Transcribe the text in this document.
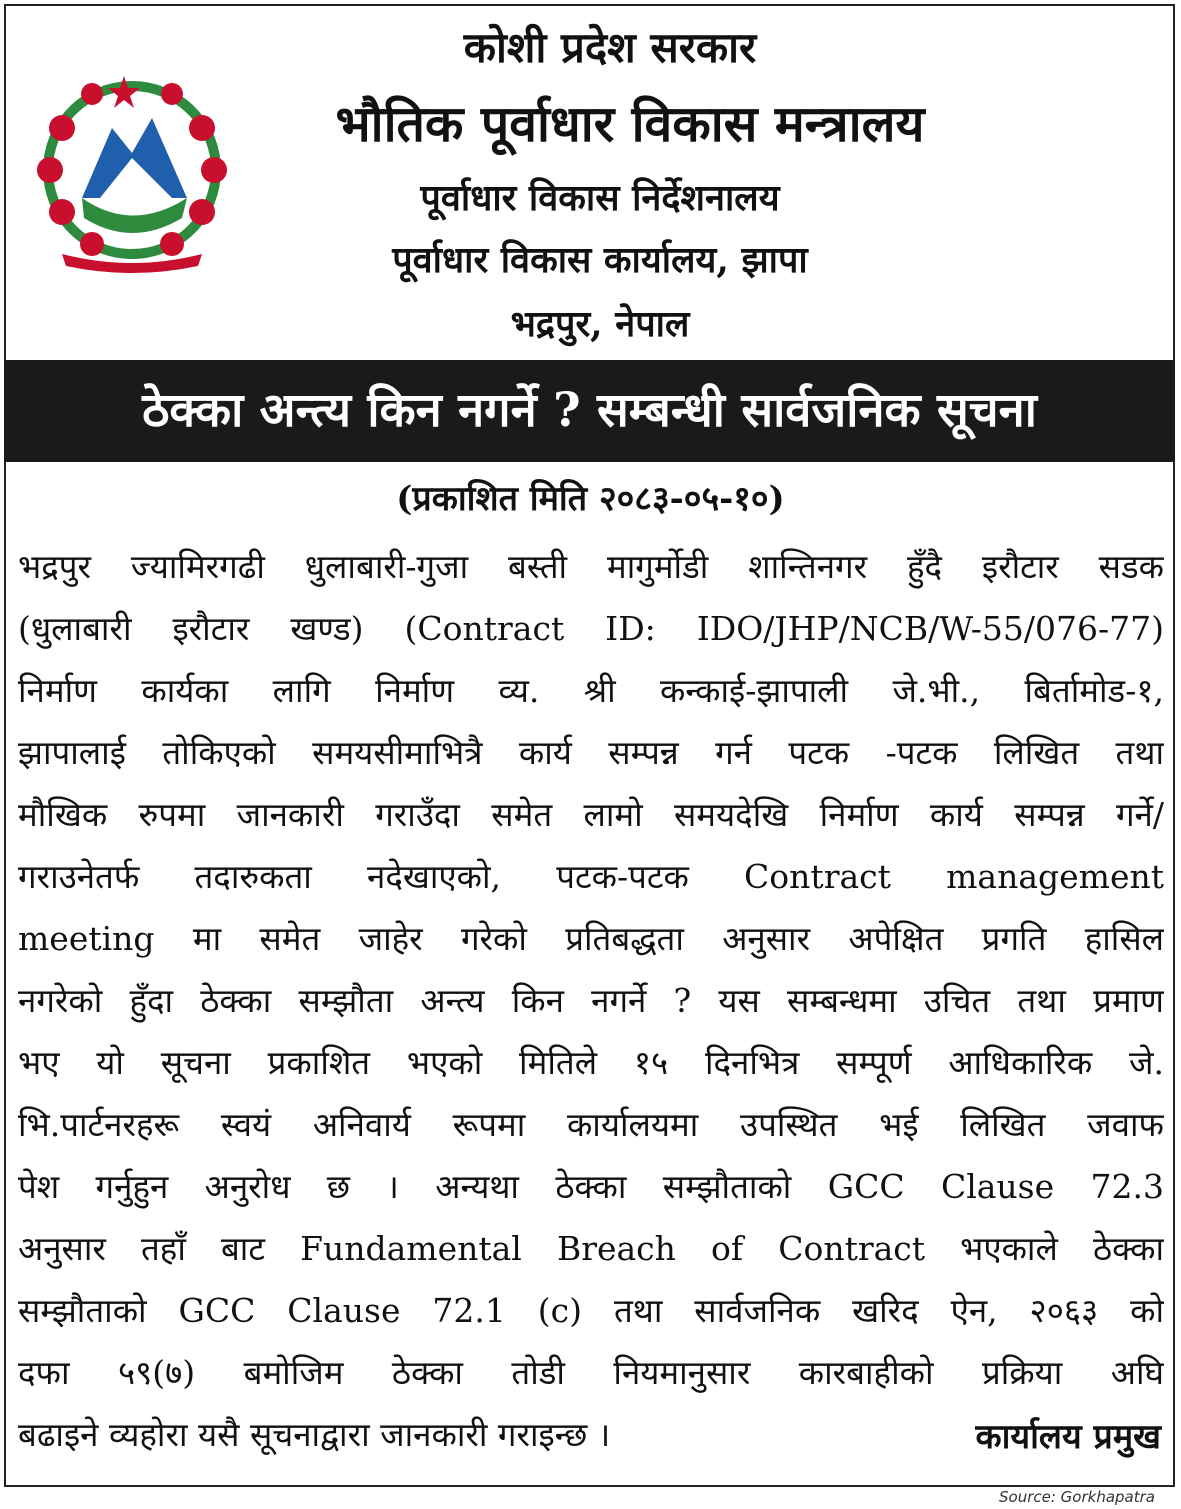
कोशी प्रदेश सरकार
भौतिक पूर्वाधार विकास मन्त्रालय
पूर्वाधार विकास निर्देशनालय
पूर्वाधार विकास कार्यालय, झापा
भद्रपुर, नेपाल
ठेक्का अन्त्य किन नगर्ने ? सम्बन्धी सार्वजनिक सूचना
(प्रकाशित मिति २०८३-०५-१०)
भद्रपुर ज्यामिरगढी धुलाबारी-गुजा बस्ती मागुर्मोडी शान्तिनगर हुँदै इरौटार सडक
(धुलाबारी इरौटार खण्ड) (Contract ID: IDO/JHP/NCB/W-55/076-77)
निर्माण कार्यका लागि निर्माण व्य. श्री कन्काई-झापाली जे.भी., बिर्तामोड-१,
झापालाई तोकिएको समयसीमाभित्रै कार्य सम्पन्न गर्न पटक -पटक लिखित तथा
मौखिक रुपमा जानकारी गराउँदा समेत लामो समयदेखि निर्माण कार्य सम्पन्न गर्ने/
गराउनेतर्फ तदारुकता नदेखाएको, पटक-पटक Contract management
meeting मा समेत जाहेर गरेको प्रतिबद्धता अनुसार अपेक्षित प्रगति हासिल
नगरेको हुँदा ठेक्का सम्झौता अन्त्य किन नगर्ने ? यस सम्बन्धमा उचित तथा प्रमाण
भए यो सूचना प्रकाशित भएको मितिले १५ दिनभित्र सम्पूर्ण आधिकारिक जे.
भि.पार्टनरहरू स्वयं अनिवार्य रूपमा कार्यालयमा उपस्थित भई लिखित जवाफ
पेश गर्नुहुन अनुरोध छ । अन्यथा ठेक्का सम्झौताको GCC Clause 72.3
अनुसार तहाँ बाट Fundamental Breach of Contract भएकाले ठेक्का
सम्झौताको GCC Clause 72.1 (c) तथा सार्वजनिक खरिद ऐन, २०६३ को
दफा ५९(७) बमोजिम ठेक्का तोडी नियमानुसार कारबाहीको प्रक्रिया अघि
बढाइने व्यहोरा यसै सूचनाद्वारा जानकारी गराइन्छ ।	कार्यालय प्रमुख
Source: Gorkhapatra
